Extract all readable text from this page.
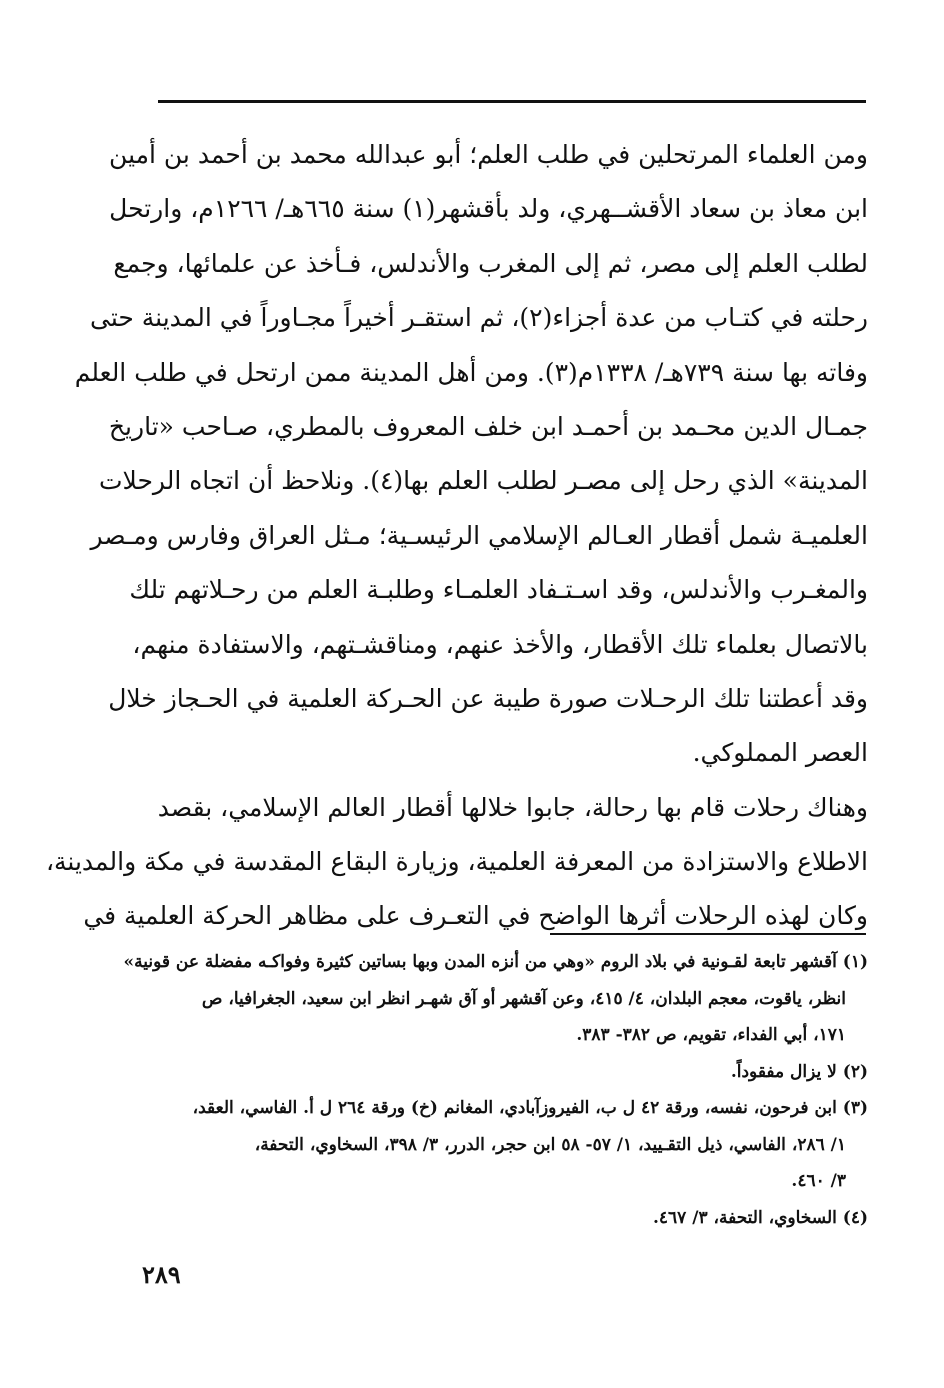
ومن العلماء المرتحلين في طلب العلم؛ أبو عبدالله محمد بن أحمد بن أمين
ابن معاذ بن سعاد الأقشــهري، ولد بأقشهر(١) سنة ٦٦٥هـ/ ١٢٦٦م، وارتحل
لطلب العلم إلى مصر، ثم إلى المغرب والأندلس، فـأخذ عن علمائها، وجمع
رحلته في كتـاب من عدة أجزاء(٢)، ثم استقـر أخيراً مجـاوراً في المدينة حتى
وفاته بها سنة ٧٣٩هـ/ ١٣٣٨م(٣). ومن أهل المدينة ممن ارتحل في طلب العلم
جمـال الدين محـمد بن أحمـد ابن خلف المعروف بالمطري، صـاحب «تاريخ
المدينة» الذي رحل إلى مصـر لطلب العلم بها(٤). ونلاحظ أن اتجاه الرحلات
العلميـة شمل أقطار العـالم الإسلامي الرئيسـية؛ مـثل العراق وفارس ومـصر
والمغـرب والأندلس، وقد اسـتـفاد العلمـاء وطلبـة العلم من رحـلاتهم تلك
بالاتصال بعلماء تلك الأقطار، والأخذ عنهم، ومناقشـتهم، والاستفادة منهم،
وقد أعطتنا تلك الرحـلات صورة طيبة عن الحـركة العلمية في الحـجاز خلال
العصر المملوكي.
وهناك رحلات قام بها رحالة، جابوا خلالها أقطار العالم الإسلامي، بقصد
الاطلاع والاستزادة من المعرفة العلمية، وزيارة البقاع المقدسة في مكة والمدينة،
وكان لهذه الرحلات أثرها الواضح في التعـرف على مظاهر الحركة العلمية في
(١) آقشهر تابعة لقـونية في بلاد الروم «وهي من أنزه المدن وبها بساتين كثيرة وفواكـه مفضلة عن قونية»
انظر، ياقوت، معجم البلدان، ٤/ ٤١٥، وعن آقشهر أو آق شهـر انظر ابن سعيد، الجغرافيا، ص
١٧١، أبي الفداء، تقويم، ص ٣٨٢- ٣٨٣.
(٢) لا يزال مفقوداً.
(٣) ابن فرحون، نفسه، ورقة ٤٢ ل ب، الفيروزآبادي، المغانم (خ) ورقة ٢٦٤ ل أ. الفاسي، العقد،
١/ ٢٨٦، الفاسي، ذيل التقـييد، ١/ ٥٧- ٥٨ ابن حجر، الدرر، ٣/ ٣٩٨، السخاوي، التحفة،
٣/ ٤٦٠.
(٤) السخاوي، التحفة، ٣/ ٤٦٧.
٢٨٩
